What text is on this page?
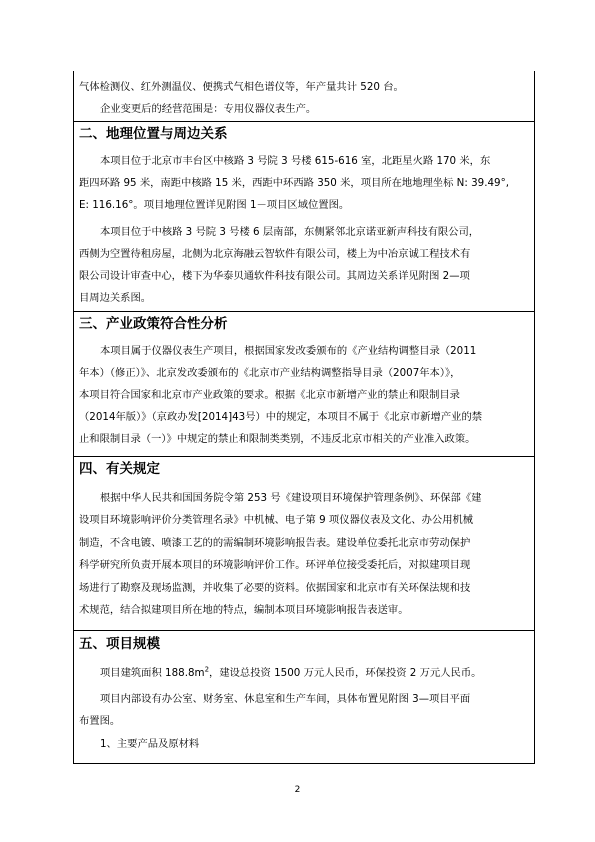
气体检测仪、红外测温仪、便携式气相色谱仪等，年产量共计 520 台。
企业变更后的经营范围是：专用仪器仪表生产。
二、地理位置与周边关系
本项目位于北京市丰台区中核路 3 号院 3 号楼 615-616 室，北距星火路 170 米，东
距四环路 95 米，南距中核路 15 米，西距中环西路 350 米，项目所在地地理坐标 N: 39.49°,
E: 116.16°。项目地理位置详见附图 1－项目区域位置图。
本项目位于中核路 3 号院 3 号楼 6 层南部，东侧紧邻北京诺亚新声科技有限公司，
西侧为空置待租房屋，北侧为北京海融云智软件有限公司，楼上为中冶京诚工程技术有
限公司设计审查中心，楼下为华泰贝通软件科技有限公司。其周边关系详见附图 2—项
目周边关系图。
三、产业政策符合性分析
本项目属于仪器仪表生产项目，根据国家发改委颁布的《产业结构调整目录（2011
年本）（修正）》、北京发改委颁布的《北京市产业结构调整指导目录（2007年本）》，
本项目符合国家和北京市产业政策的要求。根据《北京市新增产业的禁止和限制目录
（2014年版）》（京政办发[2014]43号）中的规定，本项目不属于《北京市新增产业的禁
止和限制目录（一）》中规定的禁止和限制类类别，不违反北京市相关的产业准入政策。
四、有关规定
根据中华人民共和国国务院令第 253 号《建设项目环境保护管理条例》、环保部《建
设项目环境影响评价分类管理名录》中机械、电子第 9 项仪器仪表及文化、办公用机械
制造，不含电镀、喷漆工艺的的需编制环境影响报告表。建设单位委托北京市劳动保护
科学研究所负责开展本项目的环境影响评价工作。环评单位接受委托后，对拟建项目现
场进行了勘察及现场监测，并收集了必要的资料。依据国家和北京市有关环保法规和技
术规范，结合拟建项目所在地的特点，编制本项目环境影响报告表送审。
五、项目规模
项目建筑面积 $188.8m^2$，建设总投资 1500 万元人民币，环保投资 2 万元人民币。
项目内部设有办公室、财务室、休息室和生产车间，具体布置见附图 3—项目平面
布置图。
1、主要产品及原材料
2
